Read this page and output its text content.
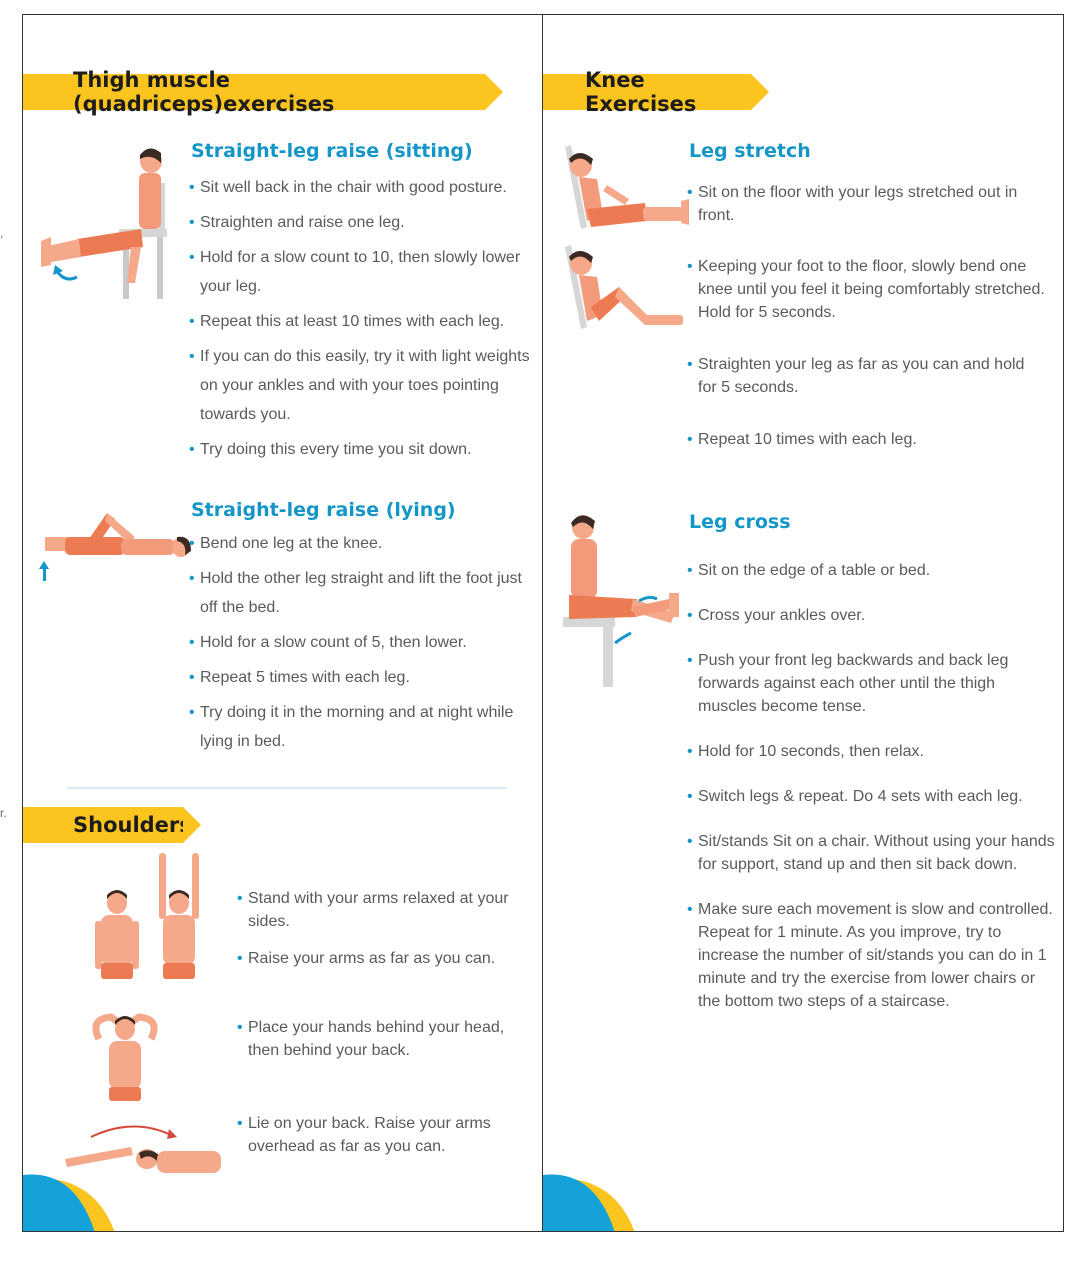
,
r.
Thigh muscle (quadriceps)exercises
Straight-leg raise (sitting)
• Sit well back in the chair with good posture.
• Straighten and raise one leg.
• Hold for a slow count to 10, then slowly lower your leg.
• Repeat this at least 10 times with each leg.
• If you can do this easily, try it with light weights on your ankles and with your toes pointing towards you.
• Try doing this every time you sit down.
Straight-leg raise (lying)
• Bend one leg at the knee.
• Hold the other leg straight and lift the foot just off the bed.
• Hold for a slow count of 5, then lower.
• Repeat 5 times with each leg.
• Try doing it in the morning and at night while lying in bed.
Shoulders
• Stand with your arms relaxed at your sides.
• Raise your arms as far as you can.
• Place your hands behind your head, then behind your back.
• Lie on your back. Raise your arms overhead as far as you can.
Knee Exercises
Leg stretch
• Sit on the floor with your legs stretched out in front.
• Keeping your foot to the floor, slowly bend one knee until you feel it being comfortably stretched. Hold for 5 seconds.
• Straighten your leg as far as you can and hold for 5 seconds.
• Repeat 10 times with each leg.
Leg cross
• Sit on the edge of a table or bed.
• Cross your ankles over.
• Push your front leg backwards and back leg forwards against each other until the thigh muscles become tense.
• Hold for 10 seconds, then relax.
• Switch legs & repeat. Do 4 sets with each leg.
• Sit/stands Sit on a chair. Without using your hands for support, stand up and then sit back down.
• Make sure each movement is slow and controlled. Repeat for 1 minute. As you improve, try to increase the number of sit/stands you can do in 1 minute and try the exercise from lower chairs or the bottom two steps of a staircase.
